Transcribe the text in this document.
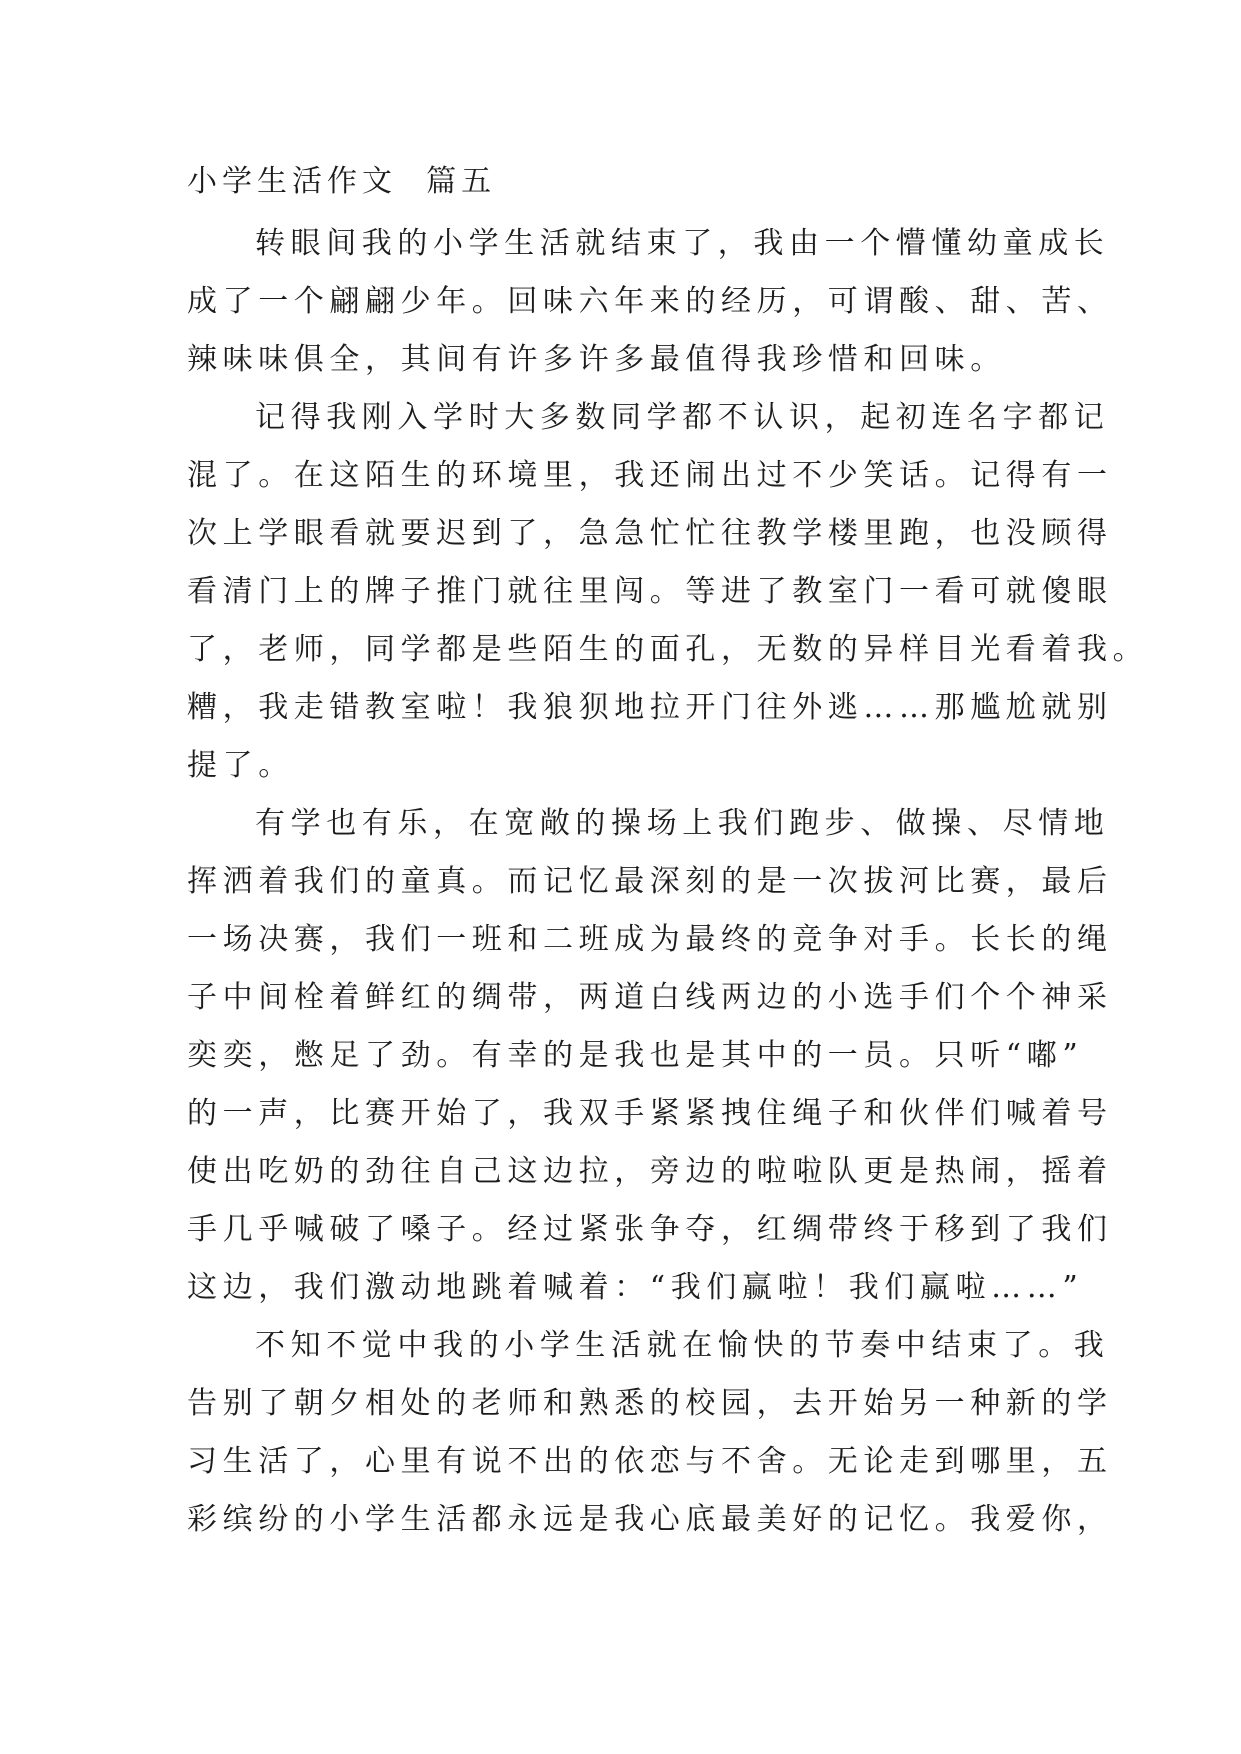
小学生活作文  篇五
转眼间我的小学生活就结束了，我由一个懵懂幼童成长
成了一个翩翩少年。回味六年来的经历，可谓酸、甜、苦、
辣味味俱全，其间有许多许多最值得我珍惜和回味。
记得我刚入学时大多数同学都不认识，起初连名字都记
混了。在这陌生的环境里，我还闹出过不少笑话。记得有一
次上学眼看就要迟到了，急急忙忙往教学楼里跑，也没顾得
看清门上的牌子推门就往里闯。等进了教室门一看可就傻眼
了，老师，同学都是些陌生的面孔，无数的异样目光看着我。
糟，我走错教室啦！我狼狈地拉开门往外逃……那尴尬就别
提了。
有学也有乐，在宽敞的操场上我们跑步、做操、尽情地
挥洒着我们的童真。而记忆最深刻的是一次拔河比赛，最后
一场决赛，我们一班和二班成为最终的竞争对手。长长的绳
子中间栓着鲜红的绸带，两道白线两边的小选手们个个神采
奕奕，憋足了劲。有幸的是我也是其中的一员。只听“嘟”
的一声，比赛开始了，我双手紧紧拽住绳子和伙伴们喊着号
使出吃奶的劲往自己这边拉，旁边的啦啦队更是热闹，摇着
手几乎喊破了嗓子。经过紧张争夺，红绸带终于移到了我们
这边，我们激动地跳着喊着：“我们赢啦！我们赢啦……”
不知不觉中我的小学生活就在愉快的节奏中结束了。我
告别了朝夕相处的老师和熟悉的校园，去开始另一种新的学
习生活了，心里有说不出的依恋与不舍。无论走到哪里，五
彩缤纷的小学生活都永远是我心底最美好的记忆。我爱你，
